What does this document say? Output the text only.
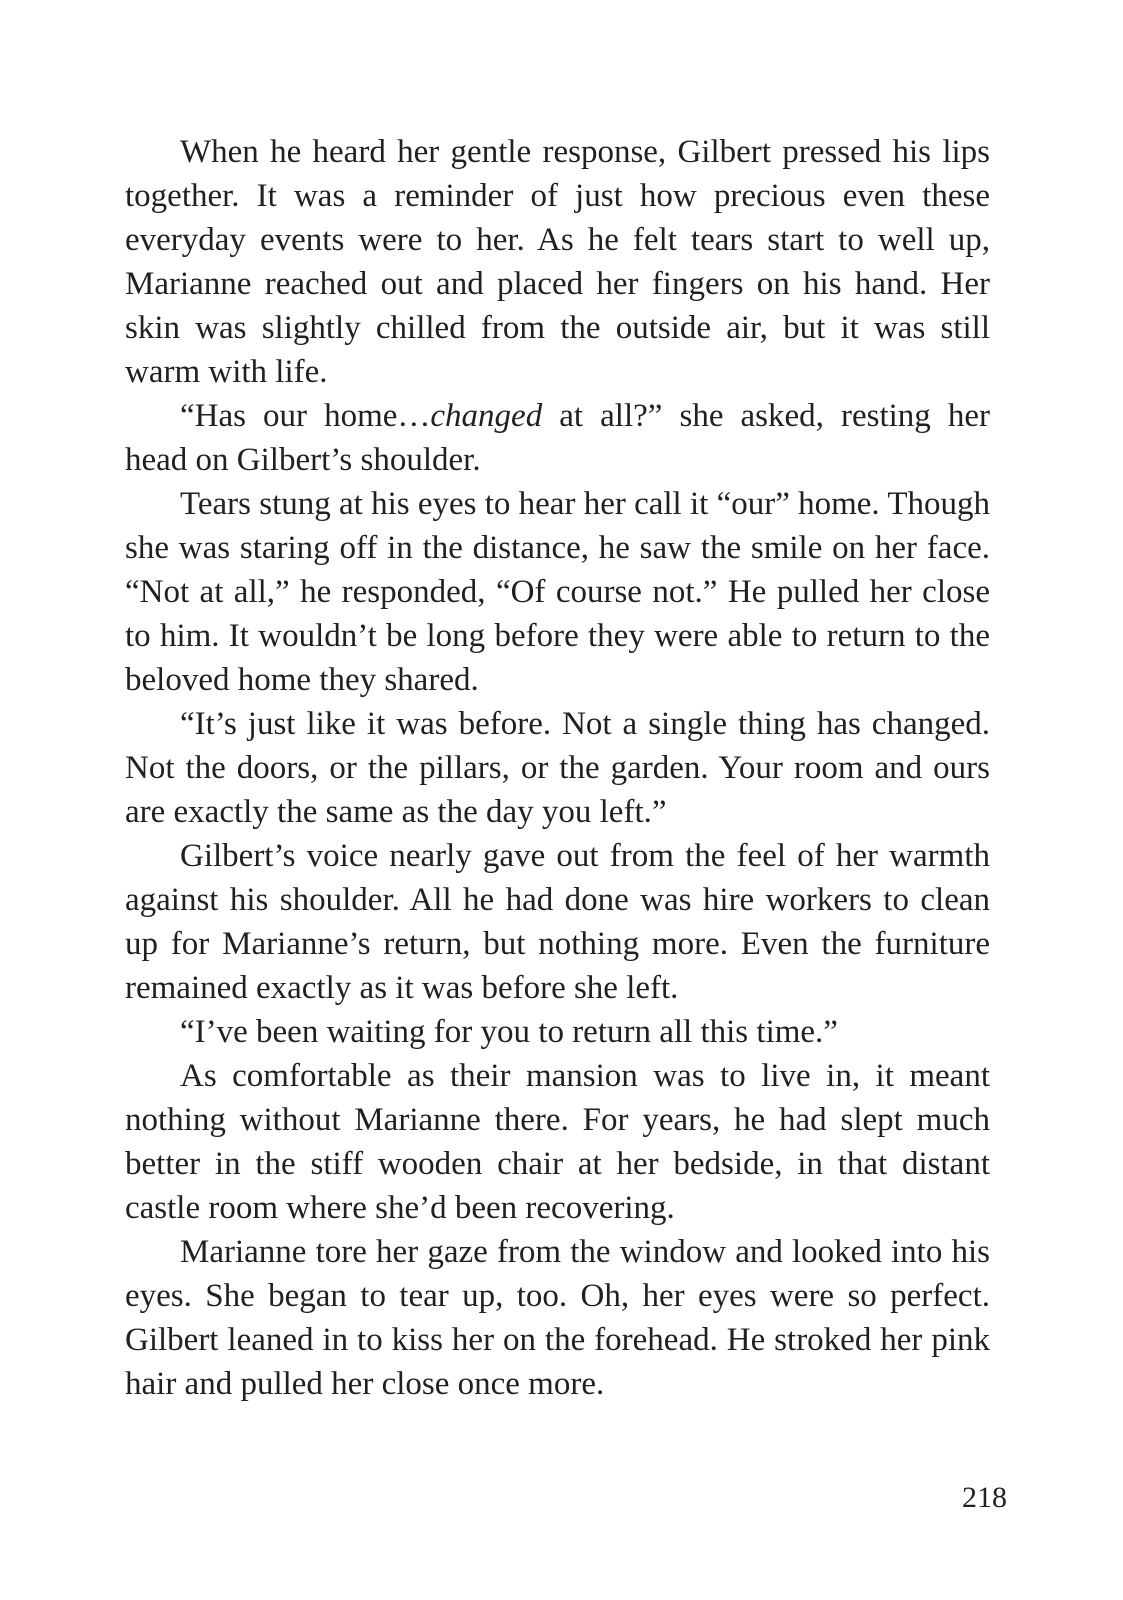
When he heard her gentle response, Gilbert pressed his lips together. It was a reminder of just how precious even these everyday events were to her. As he felt tears start to well up, Marianne reached out and placed her fingers on his hand. Her skin was slightly chilled from the outside air, but it was still warm with life.

“Has our home…changed at all?” she asked, resting her head on Gilbert’s shoulder.

Tears stung at his eyes to hear her call it “our” home. Though she was staring off in the distance, he saw the smile on her face. “Not at all,” he responded, “Of course not.” He pulled her close to him. It wouldn’t be long before they were able to return to the beloved home they shared.

“It’s just like it was before. Not a single thing has changed. Not the doors, or the pillars, or the garden. Your room and ours are exactly the same as the day you left.”

Gilbert’s voice nearly gave out from the feel of her warmth against his shoulder. All he had done was hire workers to clean up for Marianne’s return, but nothing more. Even the furniture remained exactly as it was before she left.

“I’ve been waiting for you to return all this time.”

As comfortable as their mansion was to live in, it meant nothing without Marianne there. For years, he had slept much better in the stiff wooden chair at her bedside, in that distant castle room where she’d been recovering.

Marianne tore her gaze from the window and looked into his eyes. She began to tear up, too. Oh, her eyes were so perfect. Gilbert leaned in to kiss her on the forehead. He stroked her pink hair and pulled her close once more.

218
